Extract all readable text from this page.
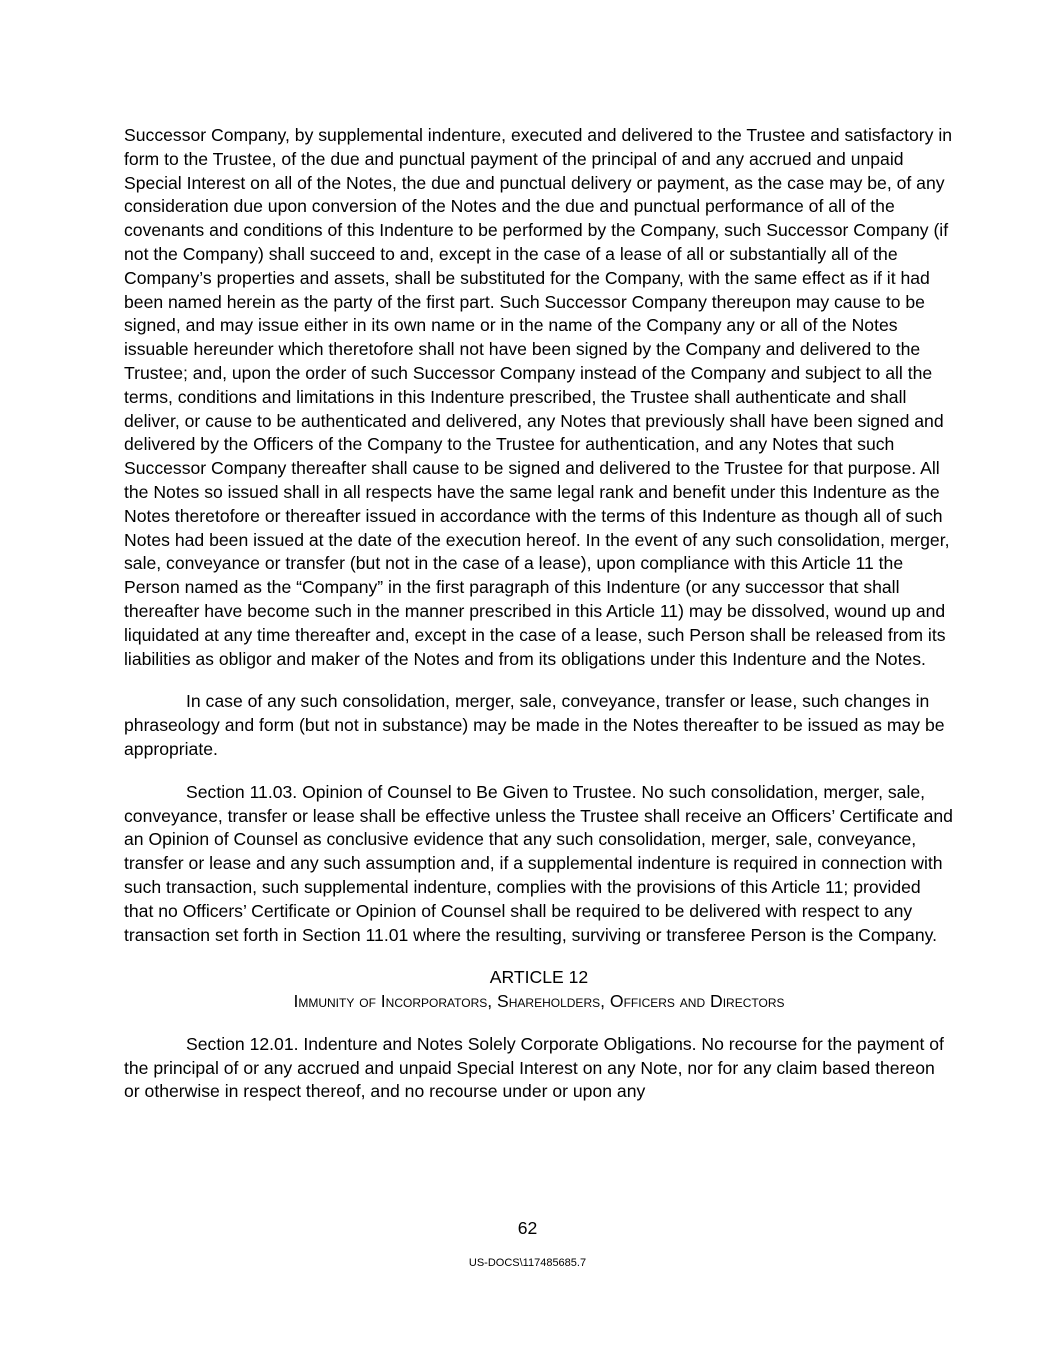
Successor Company, by supplemental indenture, executed and delivered to the Trustee and satisfactory in form to the Trustee, of the due and punctual payment of the principal of and any accrued and unpaid Special Interest on all of the Notes, the due and punctual delivery or payment, as the case may be, of any consideration due upon conversion of the Notes and the due and punctual performance of all of the covenants and conditions of this Indenture to be performed by the Company, such Successor Company (if not the Company) shall succeed to and, except in the case of a lease of all or substantially all of the Company’s properties and assets, shall be substituted for the Company, with the same effect as if it had been named herein as the party of the first part. Such Successor Company thereupon may cause to be signed, and may issue either in its own name or in the name of the Company any or all of the Notes issuable hereunder which theretofore shall not have been signed by the Company and delivered to the Trustee; and, upon the order of such Successor Company instead of the Company and subject to all the terms, conditions and limitations in this Indenture prescribed, the Trustee shall authenticate and shall deliver, or cause to be authenticated and delivered, any Notes that previously shall have been signed and delivered by the Officers of the Company to the Trustee for authentication, and any Notes that such Successor Company thereafter shall cause to be signed and delivered to the Trustee for that purpose. All the Notes so issued shall in all respects have the same legal rank and benefit under this Indenture as the Notes theretofore or thereafter issued in accordance with the terms of this Indenture as though all of such Notes had been issued at the date of the execution hereof. In the event of any such consolidation, merger, sale, conveyance or transfer (but not in the case of a lease), upon compliance with this Article 11 the Person named as the “Company” in the first paragraph of this Indenture (or any successor that shall thereafter have become such in the manner prescribed in this Article 11) may be dissolved, wound up and liquidated at any time thereafter and, except in the case of a lease, such Person shall be released from its liabilities as obligor and maker of the Notes and from its obligations under this Indenture and the Notes.

In case of any such consolidation, merger, sale, conveyance, transfer or lease, such changes in phraseology and form (but not in substance) may be made in the Notes thereafter to be issued as may be appropriate.

Section 11.03. Opinion of Counsel to Be Given to Trustee. No such consolidation, merger, sale, conveyance, transfer or lease shall be effective unless the Trustee shall receive an Officers’ Certificate and an Opinion of Counsel as conclusive evidence that any such consolidation, merger, sale, conveyance, transfer or lease and any such assumption and, if a supplemental indenture is required in connection with such transaction, such supplemental indenture, complies with the provisions of this Article 11; provided that no Officers’ Certificate or Opinion of Counsel shall be required to be delivered with respect to any transaction set forth in Section 11.01 where the resulting, surviving or transferee Person is the Company.

ARTICLE 12

Immunity of Incorporators, Shareholders, Officers and Directors

Section 12.01. Indenture and Notes Solely Corporate Obligations. No recourse for the payment of the principal of or any accrued and unpaid Special Interest on any Note, nor for any claim based thereon or otherwise in respect thereof, and no recourse under or upon any

62
US-DOCS\117485685.7
